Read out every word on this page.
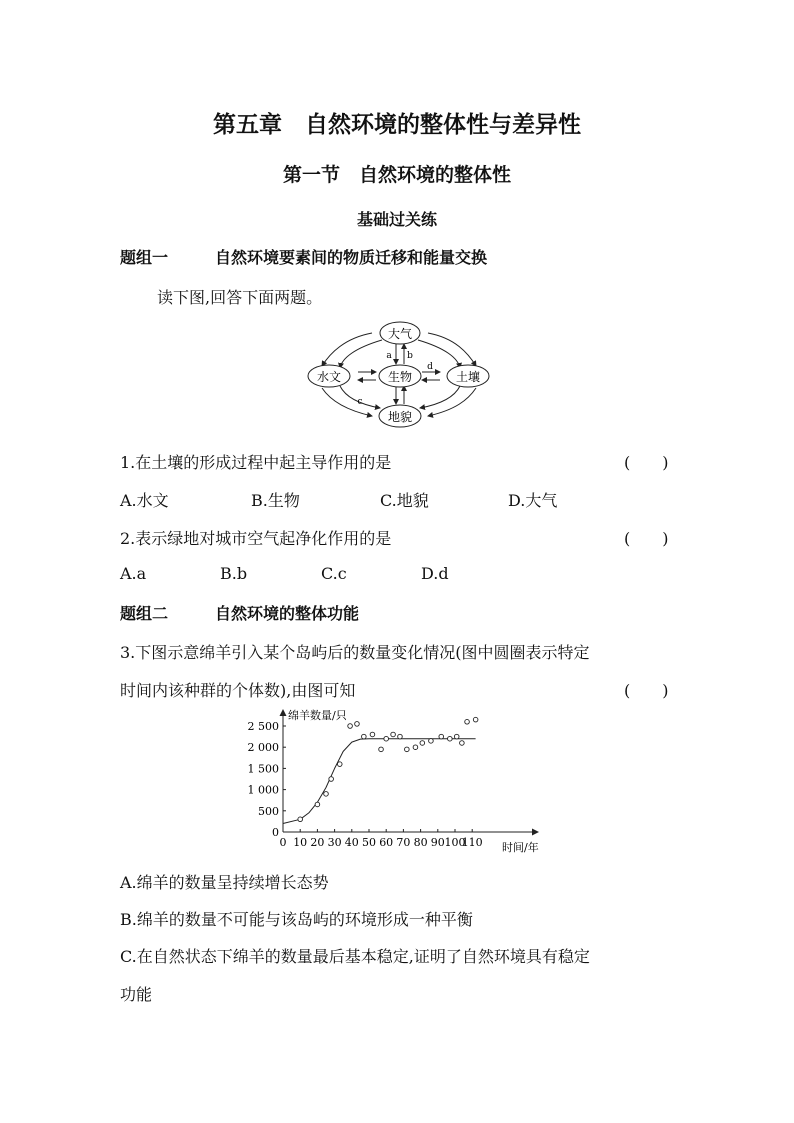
第五章　自然环境的整体性与差异性
第一节　自然环境的整体性
基础过关练
题组一	自然环境要素间的物质迁移和能量交换
读下图,回答下面两题。
大气
水文	生物	土壤
地貌
a b
d
c
1.在土壤的形成过程中起主导作用的是	(　　)
A.水文	B.生物	C.地貌	D.大气
2.表示绿地对城市空气起净化作用的是	(　　)
A.a	B.b	C.c	D.d
题组二	自然环境的整体功能
3.下图示意绵羊引入某个岛屿后的数量变化情况(图中圆圈表示特定
时间内该种群的个体数),由图可知	(　　)
0 10 20 30 40 50 60 70 80 90 100
110
0
500
1 000
1 500
2 000
2 500
绵羊数量/只
时间/年
A.绵羊的数量呈持续增长态势
B.绵羊的数量不可能与该岛屿的环境形成一种平衡
C.在自然状态下绵羊的数量最后基本稳定,证明了自然环境具有稳定
功能
